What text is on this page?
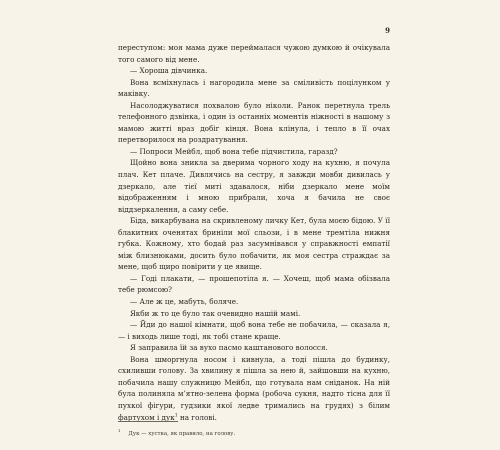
9

переступом: моя мама дуже переймалася чужою думкою й очікувала того самого від мене.

— Хороша дівчинка.

Вона всміхнулась і нагородила мене за сміливість поцілунком у маківку.

Насолоджуватися похвалою було ніколи. Ранок перетнула трель телефонного дзвінка, і один із останніх моментів ніжності в нашому з мамою житті враз добіг кінця. Вона клінула, і тепло в її очах перетворилося на роздратування.

— Попроси Мейбл, щоб вона тебе підчистила, гаразд?

Щойно вона зникла за дверима чорного ходу на кухню, я почула плач. Кет плаче. Дивлячись на сестру, я завжди мовби дивилась у дзеркало, але тієї миті здавалося, ніби дзеркало мене моїм відображенням і мною прибрали, хоча я бачила не своє віддзеркалення, а саму себе.

Біда, викарбувана на скривленому личку Кет, була моєю бідою. У її блакитних оченятах бриніли мої сльози, і в мене тремтіла нижня губка. Кожному, хто бодай раз засумнівався у справжності емпатії між близнюками, досить було побачити, як моя сестра страждає за мене, щоб щиро повірити у це явище.

— Годі плакати, — прошепотіла я. — Хочеш, щоб мама обізвала тебе рюмсою?

— Але ж це, мабуть, боляче.

Якби ж то це було так очевидно нашій мамі.

— Йди до нашої кімнати, щоб вона тебе не побачила, — сказала я, — і виходь лише тоді, як тобі стане краще.

Я заправила їй за вухо пасмо каштанового волосся.

Вона шморгнула носом і кивнула, а тоді пішла до будинку, схиливши голову. За хвилину я пішла за нею й, зайшовши на кухню, побачила нашу служницю Мейбл, що готувала нам сніданок. На ній була полиняла м’ятно-зелена форма (робоча сукня, надто тісна для її пухкої фігури, гудзики якої ледве тримались на грудях) з білим фартухом і дук$^1$ на голові.

$^1$Дук — хустка, як правило, на голову.
